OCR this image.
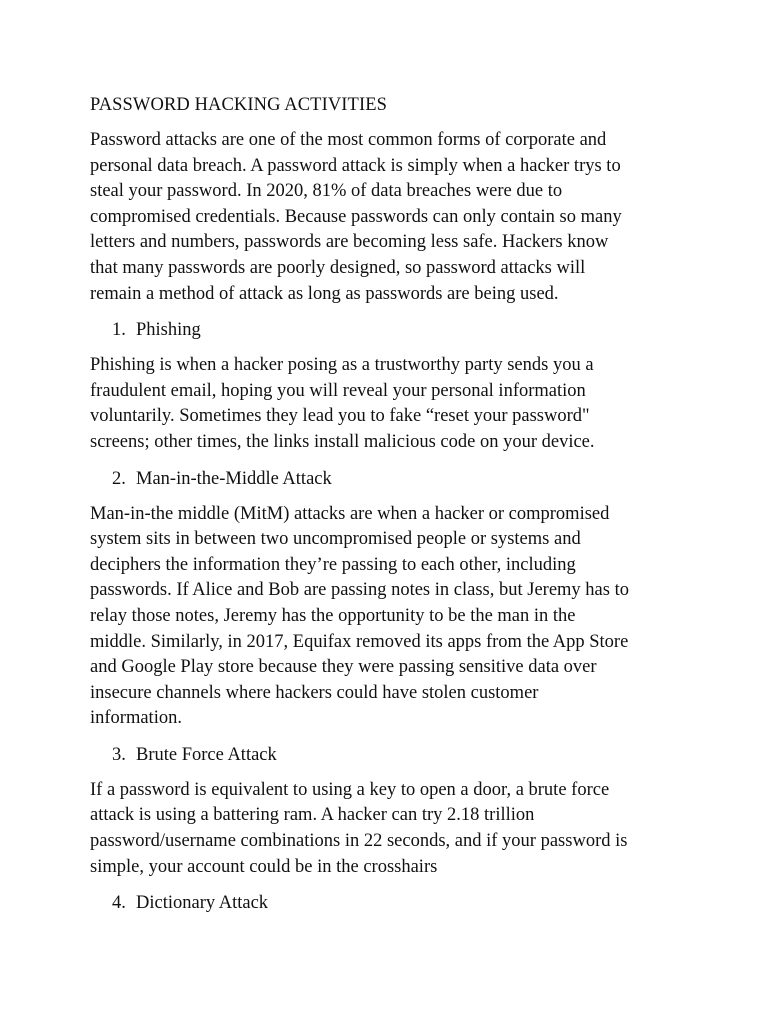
PASSWORD HACKING ACTIVITIES
Password attacks are one of the most common forms of corporate and
personal data breach. A password attack is simply when a hacker trys to
steal your password. In 2020, 81% of data breaches were due to
compromised credentials. Because passwords can only contain so many
letters and numbers, passwords are becoming less safe. Hackers know
that many passwords are poorly designed, so password attacks will
remain a method of attack as long as passwords are being used.
1. Phishing
Phishing is when a hacker posing as a trustworthy party sends you a
fraudulent email, hoping you will reveal your personal information
voluntarily. Sometimes they lead you to fake “reset your password"
screens; other times, the links install malicious code on your device.
2. Man-in-the-Middle Attack
Man-in-the middle (MitM) attacks are when a hacker or compromised
system sits in between two uncompromised people or systems and
deciphers the information they’re passing to each other, including
passwords. If Alice and Bob are passing notes in class, but Jeremy has to
relay those notes, Jeremy has the opportunity to be the man in the
middle. Similarly, in 2017, Equifax removed its apps from the App Store
and Google Play store because they were passing sensitive data over
insecure channels where hackers could have stolen customer
information.
3. Brute Force Attack
If a password is equivalent to using a key to open a door, a brute force
attack is using a battering ram. A hacker can try 2.18 trillion
password/username combinations in 22 seconds, and if your password is
simple, your account could be in the crosshairs
4. Dictionary Attack
